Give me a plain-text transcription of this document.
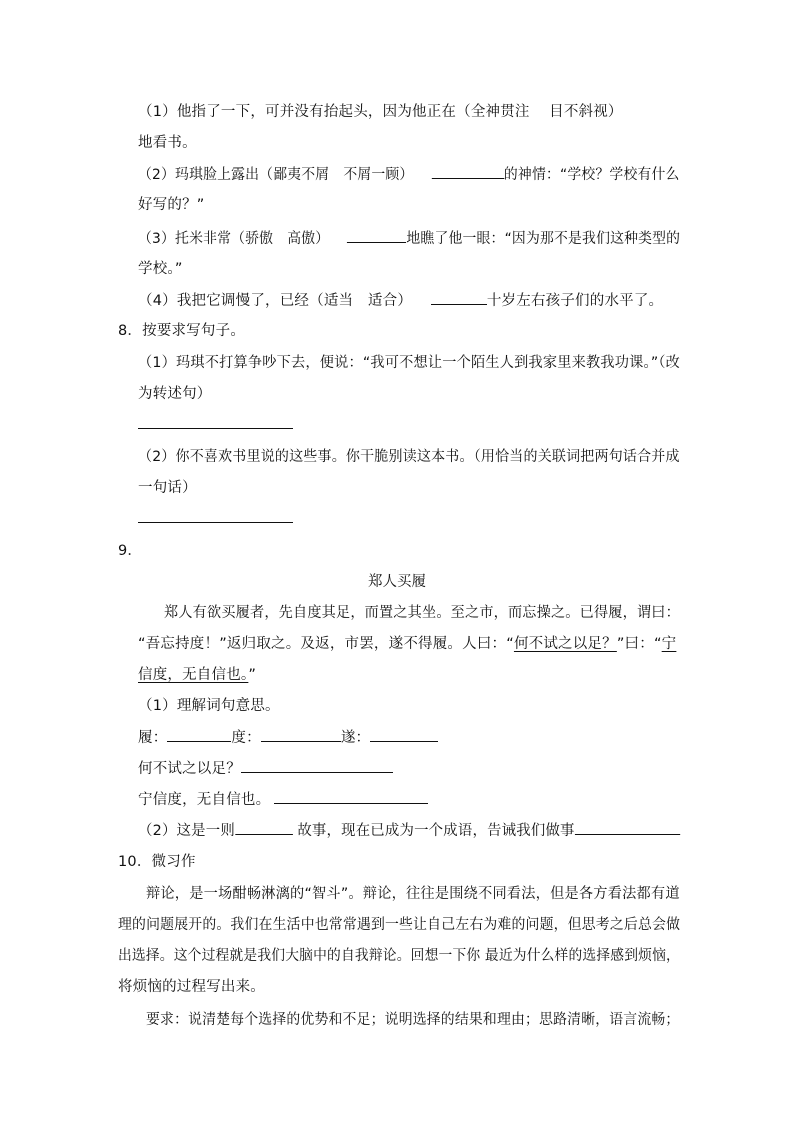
（1）他指了一下，可并没有抬起头，因为他正在（全神贯注　 目不斜视）
地看书。
（2）玛琪脸上露出（鄙夷不屑　不屑一顾）	的神情：“学校？学校有什么
好写的？”
（3）托米非常（骄傲　高傲）	地瞧了他一眼：“因为那不是我们这种类型的
学校。”
（4）我把它调慢了，已经（适当　适合）	十岁左右孩子们的水平了。
8．按要求写句子。
（1）玛琪不打算争吵下去，便说：“我可不想让一个陌生人到我家里来教我功课。”（改
为转述句）
（2）你不喜欢书里说的这些事。你干脆别读这本书。（用恰当的关联词把两句话合并成
一句话）
9．
郑人买履
郑人有欲买履者，先自度其足，而置之其坐。至之市，而忘操之。已得履，谓曰：
“吾忘持度！”返归取之。及返，市罢，遂不得履。人曰：“何不试之以足？”曰：“宁
信度，无自信也。”
（1）理解词句意思。
履：	度：	遂：
何不试之以足？
宁信度，无自信也。
（2）这是一则	故事，现在已成为一个成语，告诫我们做事
10．微习作
辩论，是一场酣畅淋漓的“智斗”。辩论，往往是围绕不同看法，但是各方看法都有道
理的问题展开的。我们在生活中也常常遇到一些让自己左右为难的问题，但思考之后总会做
出选择。这个过程就是我们大脑中的自我辩论。回想一下你 最近为什么样的选择感到烦恼，
将烦恼的过程写出来。
要求：说清楚每个选择的优势和不足；说明选择的结果和理由；思路清晰，语言流畅；
